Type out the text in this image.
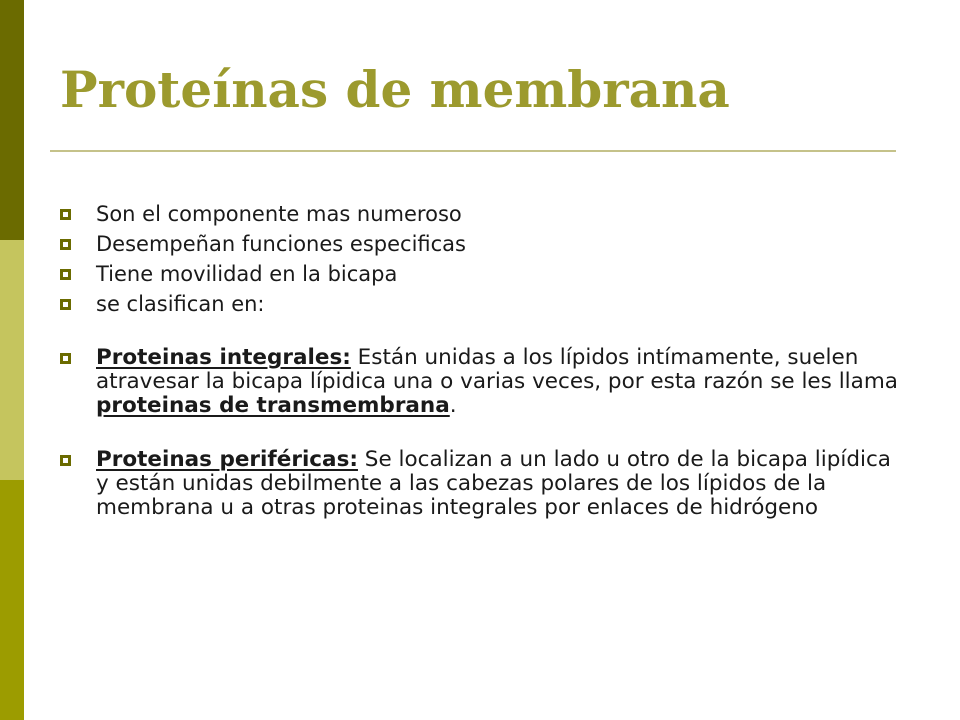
Proteínas de membrana
Son el componente mas numeroso
Desempeñan funciones especificas
Tiene movilidad en la bicapa
se clasifican en:
Proteinas integrales: Están unidas a los lípidos intímamente, suelen atravesar la bicapa lípidica una o varias veces, por esta razón se les llama proteinas de transmembrana.
Proteinas periféricas: Se localizan a un lado u otro de la bicapa lipídica y están unidas debilmente a las cabezas polares de los lípidos de la membrana u a otras proteinas integrales por enlaces de hidrógeno
